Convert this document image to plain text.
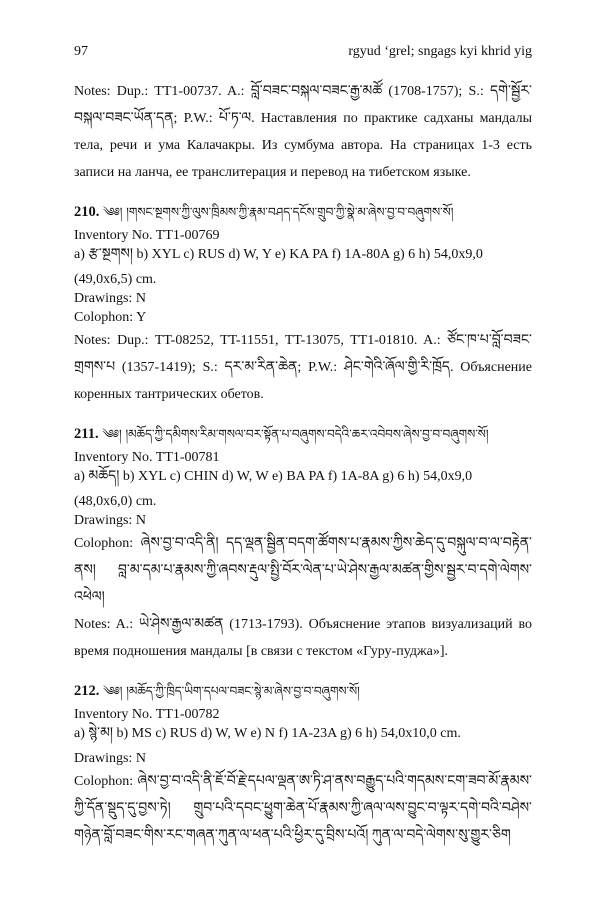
97	rgyud ‘grel; sngags kyi khrid yig

Notes: Dup.: TT1-00737. A.: བློ་བཟང་བསྐལ་བཟང་རྒྱ་མཚོ (1708-1757); S.: དགེ་སྦྱོར་བསྐལ་བཟང་ཡོན་དན; P.W.: པོ་ཏ་ལ. Наставления по практике садханы мандалы тела, речи и ума Калачакры. Из сумбума автора. На страницах 1-3 есть записи на ланча, ее транслитерация и перевод на тибетском языке.

210. ༄༅། །གསང་སྔགས་ཀྱི་ལུས་ཁྲིམས་ཀྱི་རྣམ་བཤད་དངོས་གྲུབ་ཀྱི་སྣེ་མ་ཞེས་བྱ་བ་བཞུགས་སོ།

Inventory No. TT1-00769

a) རྩ་སྔགས། b) XYL c) RUS d) W, Y e) KA PA f) 1A-80A g) 6 h) 54,0x9,0

(49,0x6,5) cm.

Drawings: N

Colophon: Y

Notes: Dup.: TT-08252, TT-11551, TT-13075, TT1-01810. A.: ཙོང་ཁ་པ་བློ་བཟང་གྲགས་པ (1357-1419); S.: དར་མ་རིན་ཆེན; P.W.: ཤེང་གེའི་ཞོལ་གྱི་རི་ཁྲོད. Объяснение коренных тантрических обетов.

211. ༄༅། །མཆོད་ཀྱི་དམིགས་རིམ་གསལ་བར་སྟོན་པ་བཞུགས་བདེའི་ཆར་འབེབས་ཞེས་བྱ་བ་བཞུགས་སོ།

Inventory No. TT1-00781

a) མཆོད། b) XYL c) CHIN d) W, W e) BA PA f) 1A-8A g) 6 h) 54,0x9,0

(48,0x6,0) cm.

Drawings: N

Colophon: ཞེས་བྱ་བ་འདི་ནི། དད་ལྡན་སྦྱིན་བདག་ཚོགས་པ་རྣམས་ཀྱིས་ཆེད་དུ་བསྐུལ་བ་ལ་བརྟེན་ནས། བླ་མ་དམ་པ་རྣམས་ཀྱི་ཞབས་རྡུལ་སྤྱི་བོར་ལེན་པ་ཡེ་ཤེས་རྒྱལ་མཚན་གྱིས་སྦྱར་བ་དགེ་ལེགས་འཕེལ།

Notes: A.: ཡེ་ཤེས་རྒྱལ་མཚན (1713-1793). Объяснение этапов визуализаций во время подношения мандалы [в связи с текстом «Гуру-пуджа»].

212. ༄༅། །མཆོད་ཀྱི་ཁྲིད་ཡིག་དཔལ་བཟང་སྙེ་མ་ཞེས་བྱ་བ་བཞུགས་སོ།

Inventory No. TT1-00782

a) སྙེ་མ། b) MS c) RUS d) W, W e) N f) 1A-23A g) 6 h) 54,0x10,0 cm.

Drawings: N

Colophon: ཞེས་བྱ་བ་འདི་ནི་ཇོ་བོ་རྗེ་དཔལ་ལྡན་ཨ་ཏི་ཤ་ནས་བརྒྱུད་པའི་གདམས་ངག་ཟབ་མོ་རྣམས་ཀྱི་དོན་སྡུད་དུ་བྱས་ཏེ། གྲུབ་པའི་དབང་ཕྱུག་ཆེན་པོ་རྣམས་ཀྱི་ཞལ་ལས་བྱུང་བ་ལྟར་དགེ་བའི་བཤེས་གཉེན་བློ་བཟང་གིས་རང་གཞན་ཀུན་ལ་ཕན་པའི་ཕྱིར་དུ་བྲིས་པའོ། ཀུན་ལ་བདེ་ལེགས་སུ་གྱུར་ཅིག
